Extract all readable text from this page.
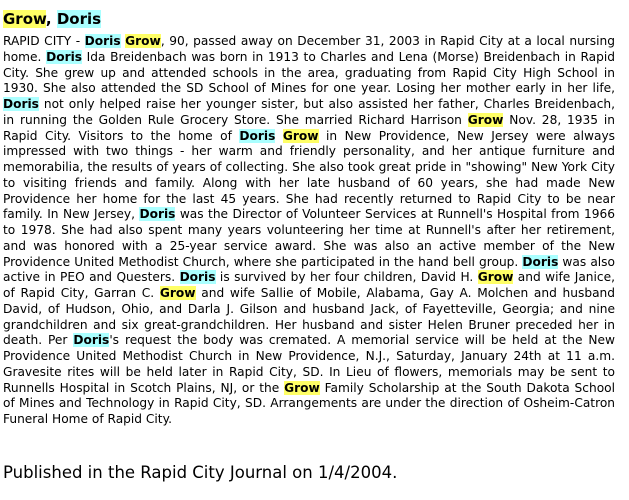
Grow, Doris
RAPID CITY - Doris Grow, 90, passed away on December 31, 2003 in Rapid City at a local nursing home. Doris Ida Breidenbach was born in 1913 to Charles and Lena (Morse) Breidenbach in Rapid City. She grew up and attended schools in the area, graduating from Rapid City High School in 1930. She also attended the SD School of Mines for one year. Losing her mother early in her life, Doris not only helped raise her younger sister, but also assisted her father, Charles Breidenbach, in running the Golden Rule Grocery Store. She married Richard Harrison Grow Nov. 28, 1935 in Rapid City. Visitors to the home of Doris Grow in New Providence, New Jersey were always impressed with two things - her warm and friendly personality, and her antique furniture and memorabilia, the results of years of collecting. She also took great pride in "showing" New York City to visiting friends and family. Along with her late husband of 60 years, she had made New Providence her home for the last 45 years. She had recently returned to Rapid City to be near family. In New Jersey, Doris was the Director of Volunteer Services at Runnell's Hospital from 1966 to 1978. She had also spent many years volunteering her time at Runnell's after her retirement, and was honored with a 25-year service award. She was also an active member of the New Providence United Methodist Church, where she participated in the hand bell group. Doris was also active in PEO and Questers. Doris is survived by her four children, David H. Grow and wife Janice, of Rapid City, Garran C. Grow and wife Sallie of Mobile, Alabama, Gay A. Molchen and husband David, of Hudson, Ohio, and Darla J. Gilson and husband Jack, of Fayetteville, Georgia; and nine grandchildren and six great-grandchildren. Her husband and sister Helen Bruner preceded her in death. Per Doris's request the body was cremated. A memorial service will be held at the New Providence United Methodist Church in New Providence, N.J., Saturday, January 24th at 11 a.m. Gravesite rites will be held later in Rapid City, SD. In Lieu of flowers, memorials may be sent to Runnells Hospital in Scotch Plains, NJ, or the Grow Family Scholarship at the South Dakota School of Mines and Technology in Rapid City, SD. Arrangements are under the direction of Osheim-Catron Funeral Home of Rapid City.
Published in the Rapid City Journal on 1/4/2004.
